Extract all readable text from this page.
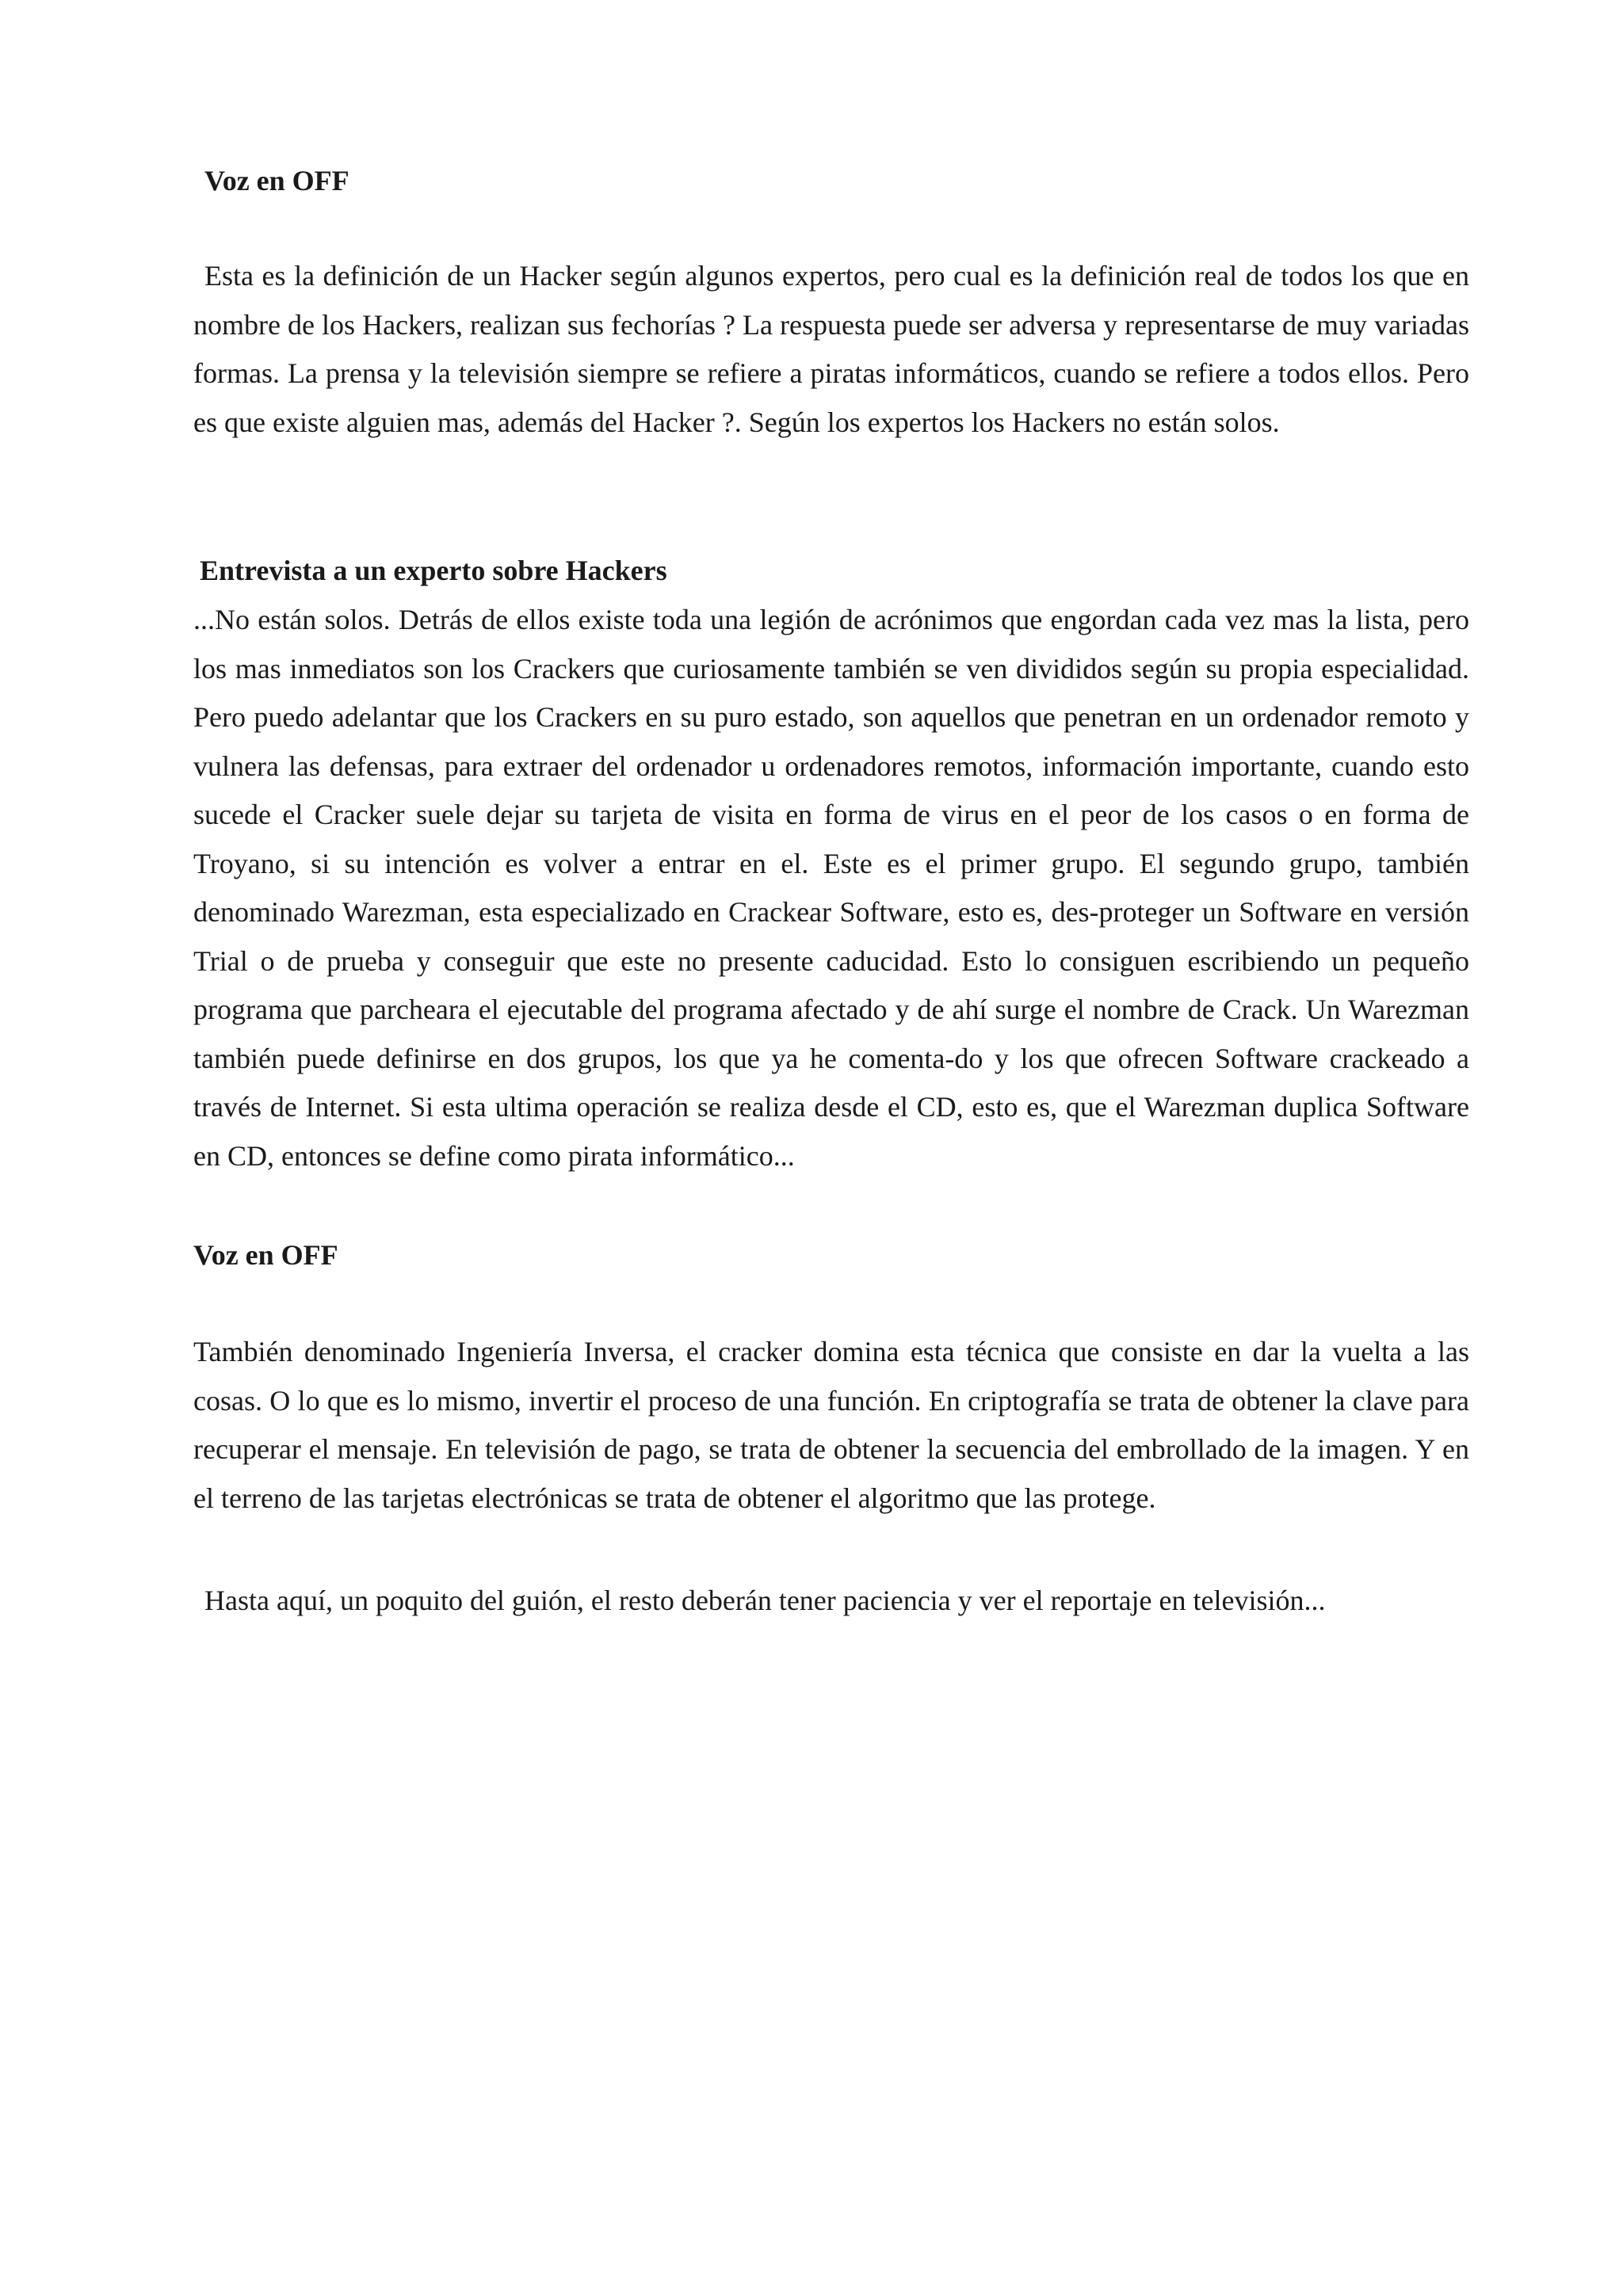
Voz en OFF

Esta es la definición de un Hacker según algunos expertos, pero cual es la definición real de todos los que en nombre de los Hackers, realizan sus fechorías ? La respuesta puede ser adversa y representarse de muy variadas formas. La prensa y la televisión siempre se refiere a piratas informáticos, cuando se refiere a todos ellos. Pero es que existe alguien mas, además del Hacker ?. Según los expertos los Hackers no están solos.

Entrevista a un experto sobre Hackers

...No están solos. Detrás de ellos existe toda una legión de acrónimos que engordan cada vez mas la lista, pero los mas inmediatos son los Crackers que curiosamente también se ven divididos según su propia especialidad. Pero puedo adelantar que los Crackers en su puro estado, son aquellos que penetran en un ordenador remoto y vulnera las defensas, para extraer del ordenador u ordenadores remotos, información importante, cuando esto sucede el Cracker suele dejar su tarjeta de visita en forma de virus en el peor de los casos o en forma de Troyano, si su intención es volver a entrar en el. Este es el primer grupo. El segundo grupo, también denominado Warezman, esta especializado en Crackear Software, esto es, des-proteger un Software en versión Trial o de prueba y conseguir que este no presente caducidad. Esto lo consiguen escribiendo un pequeño programa que parcheara el ejecutable del programa afectado y de ahí surge el nombre de Crack. Un Warezman también puede definirse en dos grupos, los que ya he comenta-do y los que ofrecen Software crackeado a través de Internet. Si esta ultima operación se realiza desde el CD, esto es, que el Warezman duplica Software en CD, entonces se define como pirata informático...

Voz en OFF

También denominado Ingeniería Inversa, el cracker domina esta técnica que consiste en dar la vuelta a las cosas. O lo que es lo mismo, invertir el proceso de una función. En criptografía se trata de obtener la clave para recuperar el mensaje. En televisión de pago, se trata de obtener la secuencia del embrollado de la imagen. Y en el terreno de las tarjetas electrónicas se trata de obtener el algoritmo que las protege.

Hasta aquí, un poquito del guión, el resto deberán tener paciencia y ver el reportaje en televisión...
